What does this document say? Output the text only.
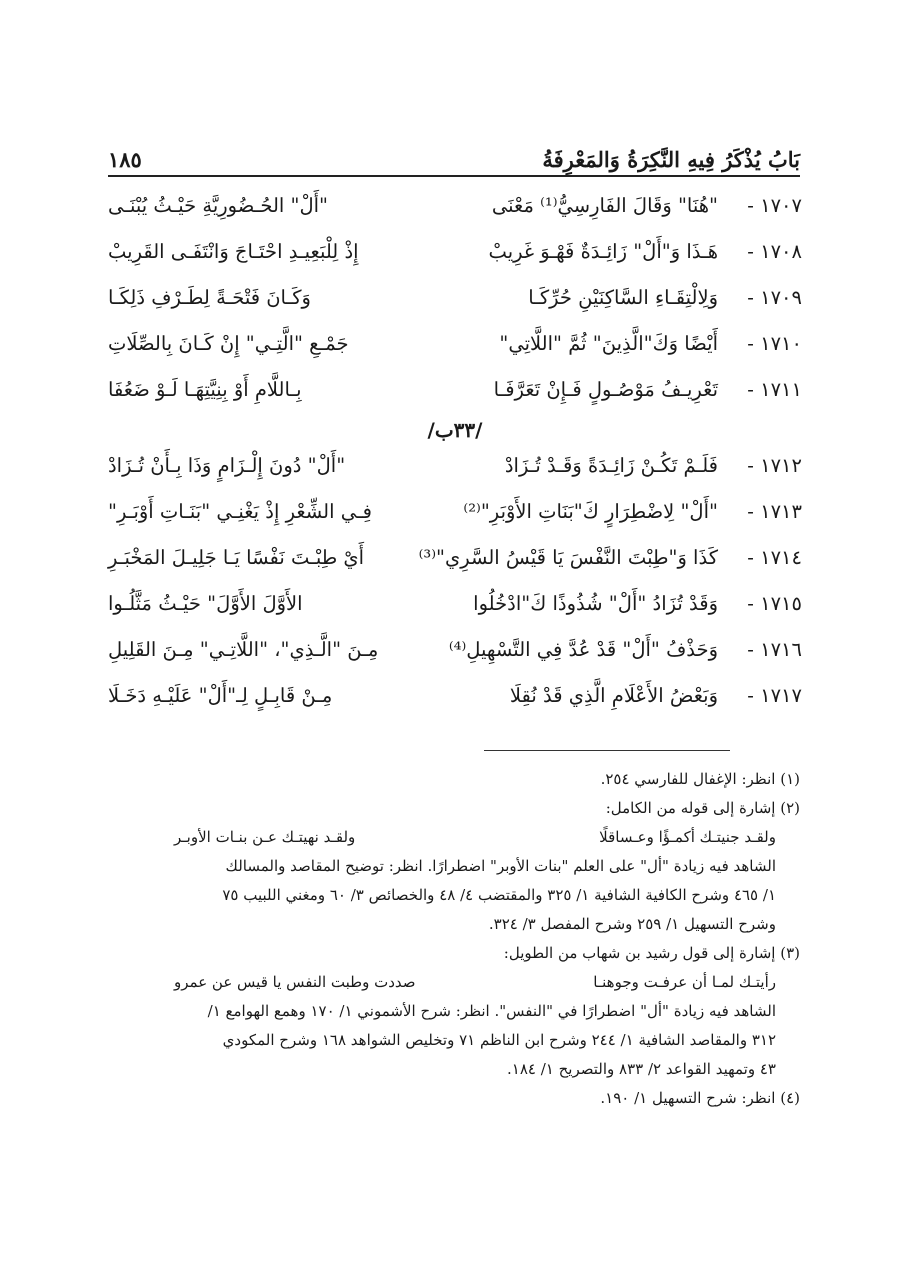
بَابُ يُذْكَرُ فِيهِ النَّكِرَةُ وَالمَعْرِفَةُ
١٨٥
١٧٠٧ -
"هُنَا" وَقَالَ الفَارِسِيُّ⁽¹⁾ مَعْنَى
"أَلْ" الحُـضُورِيَّةِ حَيْـثُ يُبْنَـى
١٧٠٨ -
هَـذَا وَ"أَلْ" زَائِـدَةٌ فَهْـوَ غَرِيبْ
إِذْ لِلْبَعِيـدِ احْتَـاجَ وَانْتَفَـى القَرِيبْ
١٧٠٩ -
وَلِالْتِقَـاءِ السَّاكِنَيْنِ حُرِّكَـا
وَكَـانَ فَتْحَـةً لِطَـرْفِ ذَلِكَـا
١٧١٠ -
أَيْضًا وَكَ"الَّذِينَ" ثُمَّ "اللَّاتِي"
جَمْـعِ "الَّتِـي" إِنْ كَـانَ بِالصِّلَاتِ
١٧١١ -
تَعْرِيـفُ مَوْصُـولٍ فَـإِنْ تَعَرَّفَـا
بِـاللَّامِ أَوْ بِنِيَّتِهَـا لَـوْ ضَعُفَا
/٣٣ب/
١٧١٢ -
فَلَـمْ تَكُـنْ زَائِـدَةً وَقَـدْ تُـزَادْ
"أَلْ" دُونَ إِلْـزَامٍ وَذَا بِـأَنْ تُـزَادْ
١٧١٣ -
"أَلْ" لِاضْطِرَارٍ كَ"بَنَاتِ الأَوْبَرِ"⁽²⁾
فِـي الشِّعْرِ إِذْ يَغْنِـي "بَنَـاتِ أَوْبَـرِ"
١٧١٤ -
كَذَا وَ"طِبْتَ النَّفْسَ يَا قَيْسُ السَّرِي"⁽³⁾
أَيْ طِبْـتَ نَفْسًا يَـا جَلِيـلَ المَخْبَـرِ
١٧١٥ -
وَقَدْ تُزَادُ "أَلْ" شُذُوذًا كَ"ادْخُلُوا
الأَوَّلَ الأَوَّلَ" حَيْـثُ مَثَّلُـوا
١٧١٦ -
وَحَذْفُ "أَلْ" قَدْ عُدَّ فِي التَّسْهِيلِ⁽⁴⁾
مِـنَ "الَّـذِي"، "اللَّاتِـي" مِـنَ القَلِيلِ
١٧١٧ -
وَبَعْضُ الأَعْلَامِ الَّذِي قَدْ نُقِلَا
مِـنْ قَابِـلٍ لِـ"أَلْ" عَلَيْـهِ دَخَـلَا
(١) انظر: الإغفال للفارسي ٢٥٤.
(٢) إشارة إلى قوله من الكامل:
ولقـد جنيتـك أكمـؤًا وعـساقلًا
ولقـد نهيتـك عـن بنـات الأوبـر
الشاهد فيه زيادة "أل" على العلم "بنات الأوبر" اضطرارًا. انظر: توضيح المقاصد والمسالك
١/ ٤٦٥ وشرح الكافية الشافية ١/ ٣٢٥ والمقتضب ٤/ ٤٨ والخصائص ٣/ ٦٠ ومغني اللبيب ٧٥
وشرح التسهيل ١/ ٢٥٩ وشرح المفصل ٣/ ٣٢٤.
(٣) إشارة إلى قول رشيد بن شهاب من الطويل:
رأيتـك لمـا أن عرفـت وجوهنـا
صددت وطبت النفس يا قيس عن عمرو
الشاهد فيه زيادة "أل" اضطرارًا في "النفس". انظر: شرح الأشموني ١/ ١٧٠ وهمع الهوامع ١/
٣١٢ والمقاصد الشافية ١/ ٢٤٤ وشرح ابن الناظم ٧١ وتخليص الشواهد ١٦٨ وشرح المكودي
٤٣ وتمهيد القواعد ٢/ ٨٣٣ والتصريح ١/ ١٨٤.
(٤) انظر: شرح التسهيل ١/ ١٩٠.
